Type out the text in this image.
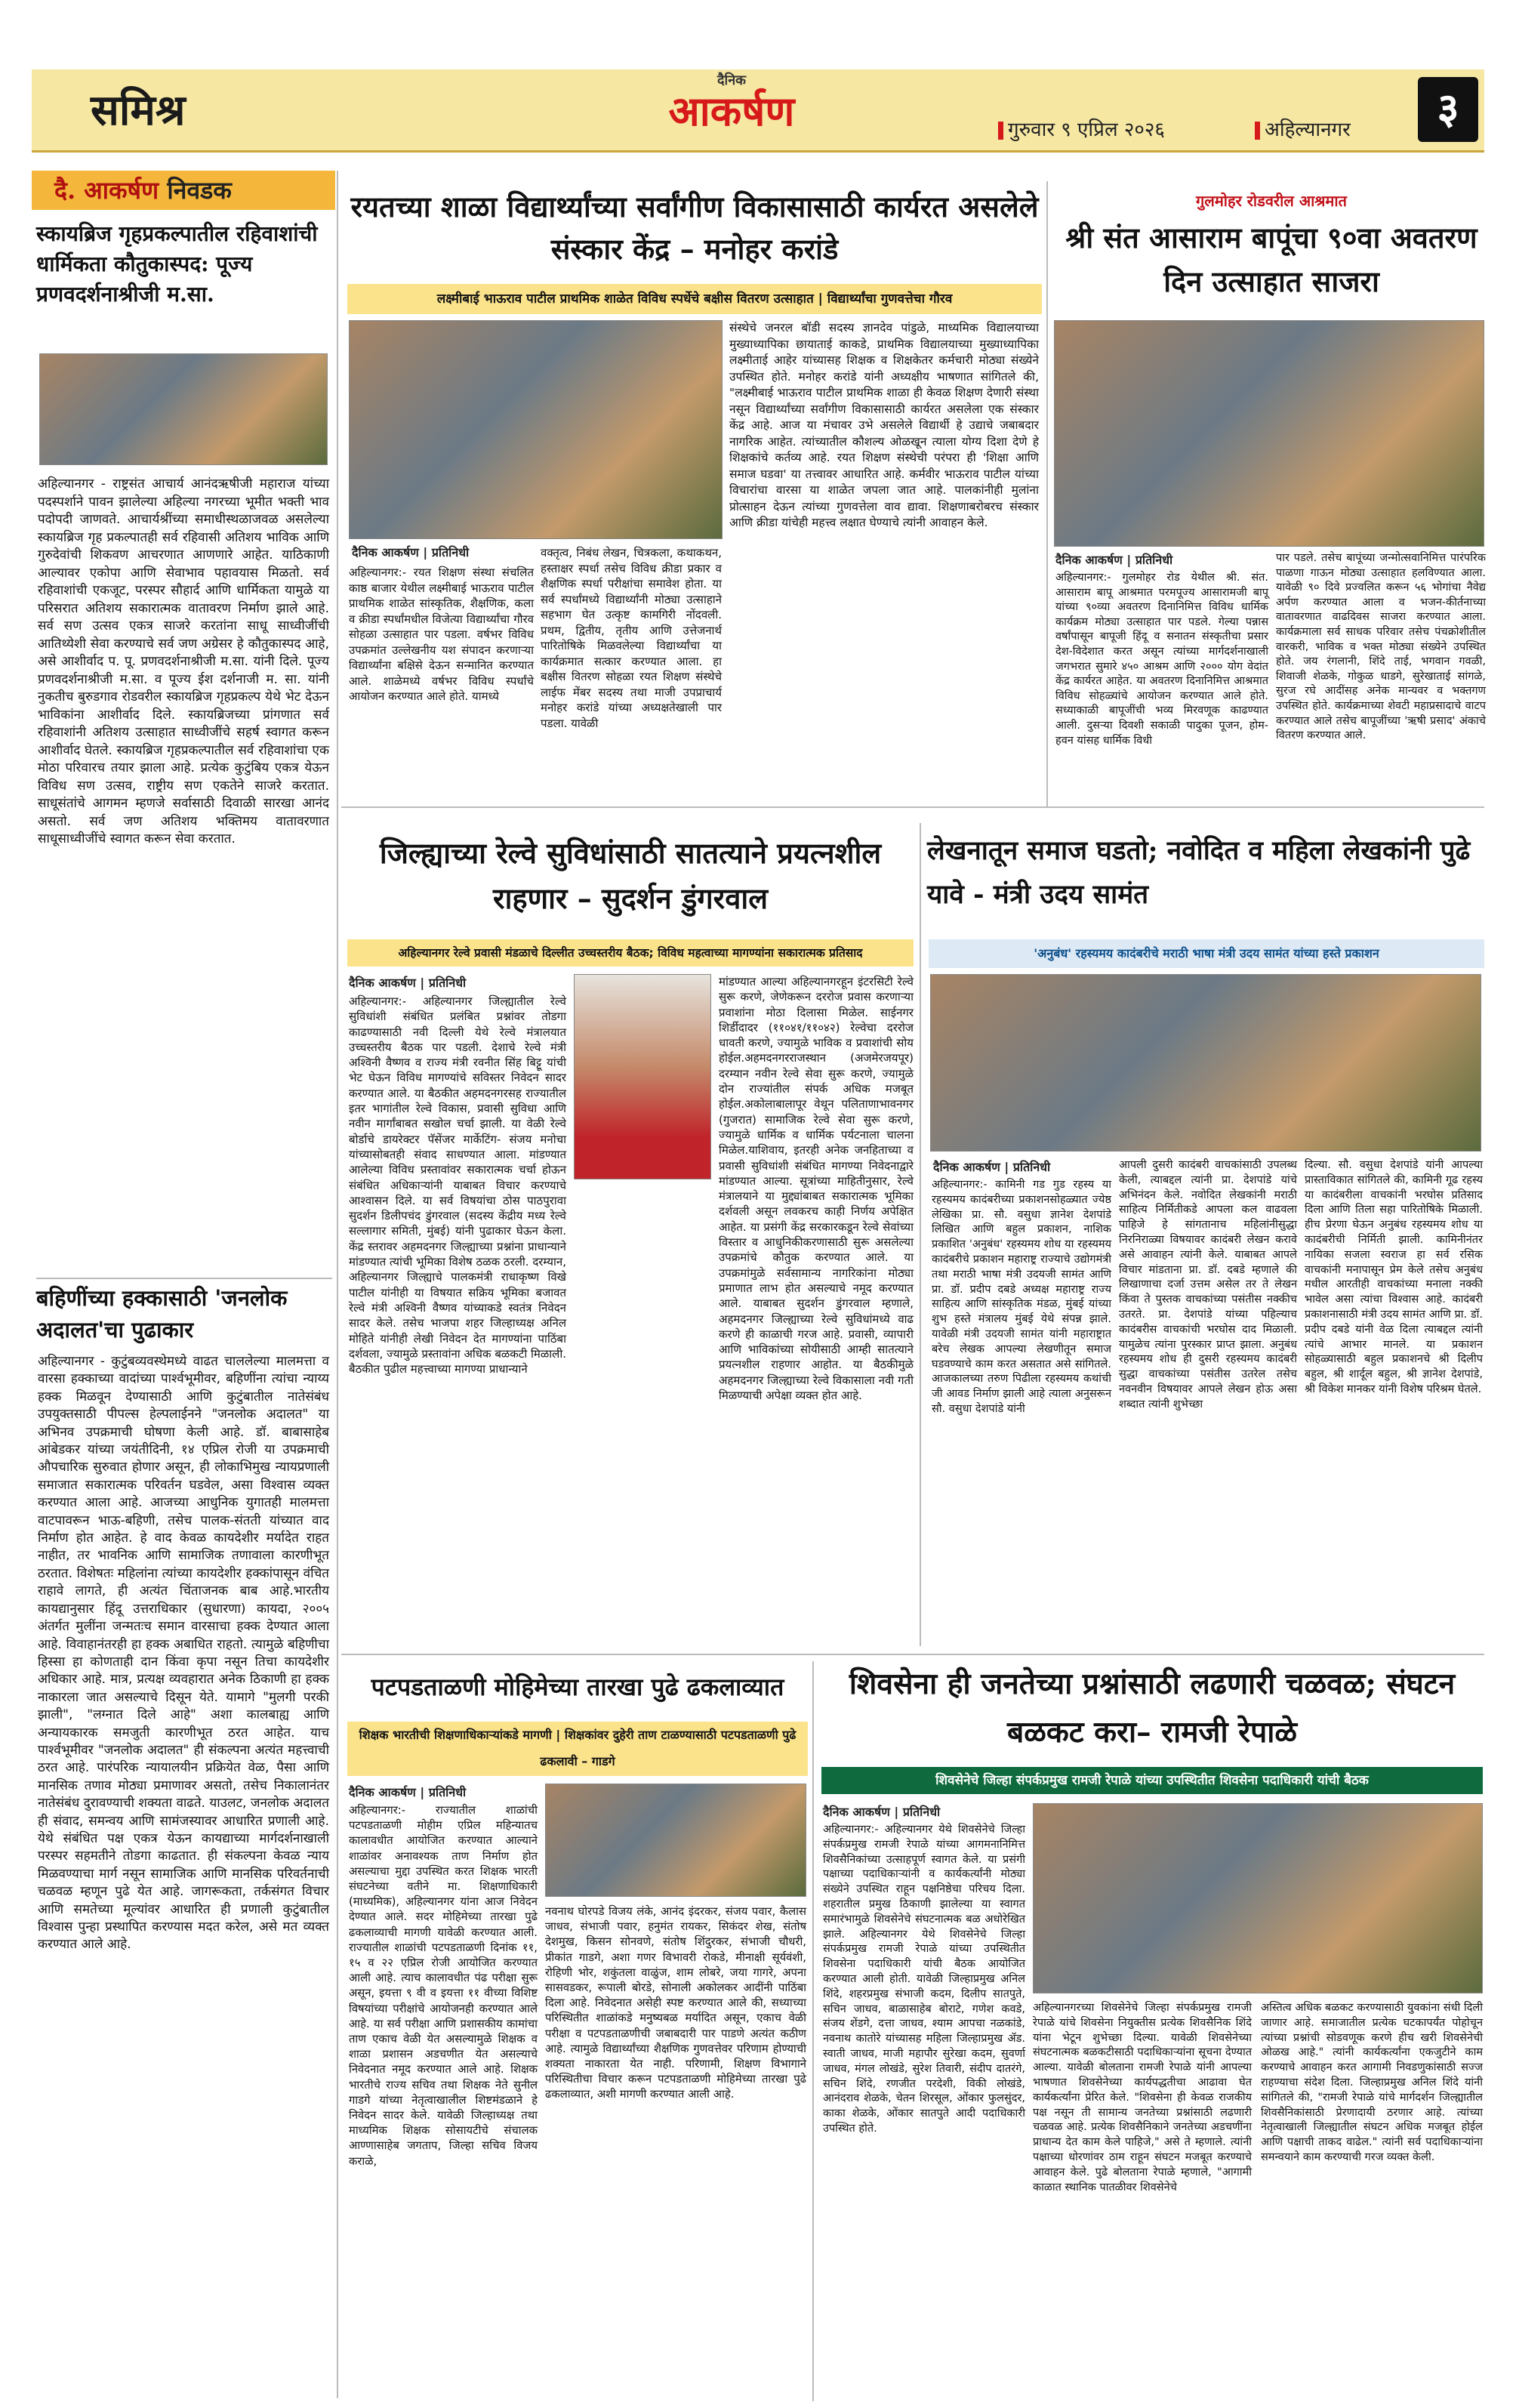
समिश्र
दैनिक
आकर्षण	गुरुवार ९ एप्रिल २०२६	अहिल्यानगर	३
दै. आकर्षण निवडक
स्कायब्रिज गृहप्रकल्पातील रहिवाशांची धार्मिकता कौतुकास्पद: पूज्य प्रणवदर्शनाश्रीजी म.सा.
अहिल्यानगर - राष्ट्रसंत आचार्य आनंदऋषीजी महाराज यांच्या पदस्पर्शाने पावन झालेल्या अहिल्या नगरच्या भूमीत भक्ती भाव पदोपदी जाणवते. आचार्यश्रींच्या समाधीस्थळाजवळ असलेल्या स्कायब्रिज गृह प्रकल्पातही सर्व रहिवासी अतिशय भाविक आणि गुरुदेवांची शिकवण आचरणात आणणारे आहेत. याठिकाणी आल्यावर एकोपा आणि सेवाभाव पहावयास मिळतो. सर्व रहिवाशांची एकजूट, परस्पर सौहार्द आणि धार्मिकता यामुळे या परिसरात अतिशय सकारात्मक वातावरण निर्माण झाले आहे. सर्व सण उत्सव एकत्र साजरे करतांना साधू साध्वीजींची आतिथ्येशी सेवा करण्याचे सर्व जण अग्रेसर हे कौतुकास्पद आहे, असे आशीर्वाद प. पू. प्रणवदर्शनाश्रीजी म.सा. यांनी दिले. पूज्य प्रणवदर्शनाश्रीजी म.सा. व पूज्य ईश दर्शनाजी म. सा. यांनी नुकतीच बुरुडगाव रोडवरील स्कायब्रिज गृहप्रकल्प येथे भेट देऊन भाविकांना आशीर्वाद दिले. स्कायब्रिजच्या प्रांगणात सर्व रहिवाशांनी अतिशय उत्साहात साध्वीजींचे सहर्ष स्वागत करून आशीर्वाद घेतले. स्कायब्रिज गृहप्रकल्पातील सर्व रहिवाशांचा एक मोठा परिवारच तयार झाला आहे. प्रत्येक कुटुंबिय एकत्र येऊन विविध सण उत्सव, राष्ट्रीय सण एकतेने साजरे करतात. साधूसंतांचे आगमन म्हणजे सर्वासाठी दिवाळी सारखा आनंद असतो. सर्व जण अतिशय भक्तिमय वातावरणात साधूसाध्वीजींचे स्वागत करून सेवा करतात.
बहिणींच्या हक्कासाठी 'जनलोक अदालत'चा पुढाकार
अहिल्यानगर - कुटुंबव्यवस्थेमध्ये वाढत चाललेल्या मालमत्ता व वारसा हक्काच्या वादांच्या पार्श्वभूमीवर, बहिणींना त्यांचा न्याय्य हक्क मिळवून देण्यासाठी आणि कुटुंबातील नातेसंबंध उपयुक्तसाठी पीपल्स हेल्पलाईनने "जनलोक अदालत" या अभिनव उपक्रमाची घोषणा केली आहे. डॉ. बाबासाहेब आंबेडकर यांच्या जयंतीदिनी, १४ एप्रिल रोजी या उपक्रमाची औपचारिक सुरुवात होणार असून, ही लोकाभिमुख न्यायप्रणाली समाजात सकारात्मक परिवर्तन घडवेल, असा विश्वास व्यक्त करण्यात आला आहे. आजच्या आधुनिक युगातही मालमत्ता वाटपावरून भाऊ-बहिणी, तसेच पालक-संतती यांच्यात वाद निर्माण होत आहेत. हे वाद केवळ कायदेशीर मर्यादेत राहत नाहीत, तर भावनिक आणि सामाजिक तणावाला कारणीभूत ठरतात. विशेषतः महिलांना त्यांच्या कायदेशीर हक्कांपासून वंचित राहावे लागते, ही अत्यंत चिंताजनक बाब आहे.भारतीय कायद्यानुसार हिंदू उत्तराधिकार (सुधारणा) कायदा, २००५ अंतर्गत मुलींना जन्मतःच समान वारसाचा हक्क देण्यात आला आहे. विवाहानंतरही हा हक्क अबाधित राहतो. त्यामुळे बहिणीचा हिस्सा हा कोणताही दान किंवा कृपा नसून तिचा कायदेशीर अधिकार आहे. मात्र, प्रत्यक्ष व्यवहारात अनेक ठिकाणी हा हक्क नाकारला जात असल्याचे दिसून येते. यामागे "मुलगी परकी झाली", "लग्नात दिले आहे" अशा कालबाह्य आणि अन्यायकारक समजुती कारणीभूत ठरत आहेत. याच पार्श्वभूमीवर "जनलोक अदालत" ही संकल्पना अत्यंत महत्त्वाची ठरत आहे. पारंपरिक न्यायालयीन प्रक्रियेत वेळ, पैसा आणि मानसिक तणाव मोठ्या प्रमाणावर असतो, तसेच निकालानंतर नातेसंबंध दुरावण्याची शक्यता वाढते. याउलट, जनलोक अदालत ही संवाद, समन्वय आणि सामंजस्यावर आधारित प्रणाली आहे. येथे संबंधित पक्ष एकत्र येऊन कायद्याच्या मार्गदर्शनाखाली परस्पर सहमतीने तोडगा काढतात. ही संकल्पना केवळ न्याय मिळवण्याचा मार्ग नसून सामाजिक आणि मानसिक परिवर्तनाची चळवळ म्हणून पुढे येत आहे. जागरूकता, तर्कसंगत विचार आणि समतेच्या मूल्यांवर आधारित ही प्रणाली कुटुंबातील विश्वास पुन्हा प्रस्थापित करण्यास मदत करेल, असे मत व्यक्त करण्यात आले आहे.
रयतच्या शाळा विद्यार्थ्यांच्या सर्वांगीण विकासासाठी कार्यरत असलेले संस्कार केंद्र – मनोहर करांडे
लक्ष्मीबाई भाऊराव पाटील प्राथमिक शाळेत विविध स्पर्धेचे बक्षीस वितरण उत्साहात | विद्यार्थ्यांचा गुणवत्तेचा गौरव
दैनिक आकर्षण | प्रतिनिधी
अहिल्यानगर:- रयत शिक्षण संस्था संचलित काष्ठ बाजार येथील लक्ष्मीबाई भाऊराव पाटील प्राथमिक शाळेत सांस्कृतिक, शैक्षणिक, कला व क्रीडा स्पर्धांमधील विजेत्या विद्यार्थ्यांचा गौरव सोहळा उत्साहात पार पडला. वर्षभर विविध उपक्रमांत उल्लेखनीय यश संपादन करणाऱ्या विद्यार्थ्यांना बक्षिसे देऊन सन्मानित करण्यात आले. शाळेमध्ये वर्षभर विविध स्पर्धांचे आयोजन करण्यात आले होते. यामध्ये
वक्तृत्व, निबंध लेखन, चित्रकला, कथाकथन, हस्ताक्षर स्पर्धा तसेच विविध क्रीडा प्रकार व शैक्षणिक स्पर्धा परीक्षांचा समावेश होता. या सर्व स्पर्धांमध्ये विद्यार्थ्यांनी मोठ्या उत्साहाने सहभाग घेत उत्कृष्ट कामगिरी नोंदवली. प्रथम, द्वितीय, तृतीय आणि उत्तेजनार्थ पारितोषिके मिळवलेल्या विद्यार्थ्यांचा या कार्यक्रमात सत्कार करण्यात आला. हा बक्षीस वितरण सोहळा रयत शिक्षण संस्थेचे लाईफ मेंबर सदस्य तथा माजी उपप्राचार्य मनोहर करांडे यांच्या अध्यक्षतेखाली पार पडला. यावेळी
संस्थेचे जनरल बॉडी सदस्य ज्ञानदेव पांडुळे, माध्यमिक विद्यालयाच्या मुख्याध्यापिका छायाताई काकडे, प्राथमिक विद्यालयाच्या मुख्याध्यापिका लक्ष्मीताई आहेर यांच्यासह शिक्षक व शिक्षकेतर कर्मचारी मोठ्या संख्येने उपस्थित होते. मनोहर करांडे यांनी अध्यक्षीय भाषणात सांगितले की, "लक्ष्मीबाई भाऊराव पाटील प्राथमिक शाळा ही केवळ शिक्षण देणारी संस्था नसून विद्यार्थ्यांच्या सर्वांगीण विकासासाठी कार्यरत असलेला एक संस्कार केंद्र आहे. आज या मंचावर उभे असलेले विद्यार्थी हे उद्याचे जबाबदार नागरिक आहेत. त्यांच्यातील कौशल्य ओळखून त्याला योग्य दिशा देणे हे शिक्षकांचे कर्तव्य आहे. रयत शिक्षण संस्थेची परंपरा ही 'शिक्षा आणि समाज घडवा' या तत्त्वावर आधारित आहे. कर्मवीर भाऊराव पाटील यांच्या विचारांचा वारसा या शाळेत जपला जात आहे. पालकांनीही मुलांना प्रोत्साहन देऊन त्यांच्या गुणवत्तेला वाव द्यावा. शिक्षणाबरोबरच संस्कार आणि क्रीडा यांचेही महत्त्व लक्षात घेण्याचे त्यांनी आवाहन केले.
गुलमोहर रोडवरील आश्रमात
श्री संत आसाराम बापूंचा ९०वा अवतरण दिन उत्साहात साजरा
दैनिक आकर्षण | प्रतिनिधी
अहिल्यानगर:- गुलमोहर रोड येथील श्री. संत. आसाराम बापू आश्रमात परमपूज्य आसारामजी बापू यांच्या ९०व्या अवतरण दिनानिमित्त विविध धार्मिक कार्यक्रम मोठ्या उत्साहात पार पडले. गेल्या पन्नास वर्षांपासून बापूजी हिंदू व सनातन संस्कृतीचा प्रसार देश-विदेशात करत असून त्यांच्या मार्गदर्शनाखाली जगभरात सुमारे ४५० आश्रम आणि २००० योग वेदांत केंद्र कार्यरत आहेत. या अवतरण दिनानिमित्त आश्रमात विविध सोहळ्यांचे आयोजन करण्यात आले होते. सध्याकाळी बापूजींची भव्य मिरवणूक काढण्यात आली. दुसऱ्या दिवशी सकाळी पादुका पूजन, होम-हवन यांसह धार्मिक विधी
पार पडले. तसेच बापूंच्या जन्मोत्सवानिमित्त पारंपरिक पाळणा गाऊन मोठ्या उत्साहात हलविण्यात आला. यावेळी ९० दिवे प्रज्वलित करून ५६ भोगांचा नैवेद्य अर्पण करण्यात आला व भजन-कीर्तनाच्या वातावरणात वाढदिवस साजरा करण्यात आला. कार्यक्रमाला सर्व साधक परिवार तसेच पंचक्रोशीतील वारकरी, भाविक व भक्त मोठ्या संख्येने उपस्थित होते. जय रंगलानी, शिंदे ताई, भगवान गवळी, शिवाजी शेळके, गोकुळ धाडगे, सुरेखाताई सांगळे, सुरज रघे आदींसह अनेक मान्यवर व भक्तगण उपस्थित होते. कार्यक्रमाच्या शेवटी महाप्रसादाचे वाटप करण्यात आले तसेच बापूजींच्या 'ऋषी प्रसाद' अंकाचे वितरण करण्यात आले.
जिल्ह्याच्या रेल्वे सुविधांसाठी सातत्याने प्रयत्नशील राहणार – सुदर्शन डुंगरवाल
अहिल्यानगर रेल्वे प्रवासी मंडळाचे दिल्लीत उच्चस्तरीय बैठक; विविध महत्वाच्या मागण्यांना सकारात्मक प्रतिसाद
दैनिक आकर्षण | प्रतिनिधी
अहिल्यानगर:- अहिल्यानगर जिल्ह्यातील रेल्वे सुविधांशी संबंधित प्रलंबित प्रश्नांवर तोडगा काढण्यासाठी नवी दिल्ली येथे रेल्वे मंत्रालयात उच्चस्तरीय बैठक पार पडली. देशाचे रेल्वे मंत्री अश्विनी वैष्णव व राज्य मंत्री रवनीत सिंह बिट्टू यांची भेट घेऊन विविध मागण्यांचे सविस्तर निवेदन सादर करण्यात आले. या बैठकीत अहमदनगरसह राज्यातील इतर भागांतील रेल्वे विकास, प्रवासी सुविधा आणि नवीन मार्गांबाबत सखोल चर्चा झाली. या वेळी रेल्वे बोर्डाचे डायरेक्टर पॅसेंजर मार्केटिंग- संजय मनोचा यांच्यासोबतही संवाद साधण्यात आला. मांडण्यात आलेल्या विविध प्रस्तावांवर सकारात्मक चर्चा होऊन संबंधित अधिकाऱ्यांनी याबाबत विचार करण्याचे आश्वासन दिले. या सर्व विषयांचा ठोस पाठपुरावा सुदर्शन डिलीपचंद डुंगरवाल (सदस्य केंद्रीय मध्य रेल्वे सल्लागार समिती, मुंबई) यांनी पुढाकार घेऊन केला. केंद्र स्तरावर अहमदनगर जिल्ह्याच्या प्रश्नांना प्राधान्याने मांडण्यात त्यांची भूमिका विशेष ठळक ठरली. दरम्यान, अहिल्यानगर जिल्ह्याचे पालकमंत्री राधाकृष्ण विखे पाटील यांनीही या विषयात सक्रिय भूमिका बजावत रेल्वे मंत्री अश्विनी वैष्णव यांच्याकडे स्वतंत्र निवेदन सादर केले. तसेच भाजपा शहर जिल्हाध्यक्ष अनिल मोहिते यांनीही लेखी निवेदन देत मागण्यांना पाठिंबा दर्शवला, ज्यामुळे प्रस्तावांना अधिक बळकटी मिळाली. बैठकीत पुढील महत्त्वाच्या मागण्या प्राधान्याने
मांडण्यात आल्या अहिल्यानगरहून इंटरसिटी रेल्वे सुरू करणे, जेणेकरून दररोज प्रवास करणाऱ्या प्रवाशांना मोठा दिलासा मिळेल. साईनगर शिर्डीदादर (११०४१/११०४२) रेल्वेचा दररोज धावती करणे, ज्यामुळे भाविक व प्रवाशांची सोय होईल.अहमदनगरराजस्थान (अजमेरजयपूर) दरम्यान नवीन रेल्वे सेवा सुरू करणे, ज्यामुळे दोन राज्यांतील संपर्क अधिक मजबूत होईल.अकोलाबालापूर वेथून पलिताणाभावनगर (गुजरात) सामाजिक रेल्वे सेवा सुरू करणे, ज्यामुळे धार्मिक व धार्मिक पर्यटनाला चालना मिळेल.याशिवाय, इतरही अनेक जनहिताच्या व प्रवासी सुविधांशी संबंधित मागण्या निवेदनाद्वारे मांडण्यात आल्या. सूत्रांच्या माहितीनुसार, रेल्वे मंत्रालयाने या मुद्द्यांबाबत सकारात्मक भूमिका दर्शवली असून लवकरच काही निर्णय अपेक्षित आहेत. या प्रसंगी केंद्र सरकारकडून रेल्वे सेवांच्या विस्तार व आधुनिकीकरणासाठी सुरू असलेल्या उपक्रमांचे कौतुक करण्यात आले. या उपक्रमांमुळे सर्वसामान्य नागरिकांना मोठ्या प्रमाणात लाभ होत असल्याचे नमूद करण्यात आले. याबाबत सुदर्शन डुंगरवाल म्हणाले, अहमदनगर जिल्ह्याच्या रेल्वे सुविधांमध्ये वाढ करणे ही काळाची गरज आहे. प्रवासी, व्यापारी आणि भाविकांच्या सोयीसाठी आम्ही सातत्याने प्रयत्नशील राहणार आहोत. या बैठकीमुळे अहमदनगर जिल्ह्याच्या रेल्वे विकासाला नवी गती मिळण्याची अपेक्षा व्यक्त होत आहे.
लेखनातून समाज घडतो; नवोदित व महिला लेखकांनी पुढे यावे - मंत्री उदय सामंत
'अनुबंध' रहस्यमय कादंबरीचे मराठी भाषा मंत्री उदय सामंत यांच्या हस्ते प्रकाशन
दैनिक आकर्षण | प्रतिनिधी
अहिल्यानगर:- कामिनी गड गुड रहस्य या रहस्यमय कादंबरीच्या प्रकाशनसोहळ्यात ज्येष्ठ लेखिका प्रा. सौ. वसुधा ज्ञानेश देशपांडे लिखित आणि बहुल प्रकाशन, नाशिक प्रकाशित 'अनुबंध' रहस्यमय शोध या रहस्यमय कादंबरीचे प्रकाशन महाराष्ट्र राज्याचे उद्योगमंत्री तथा मराठी भाषा मंत्री उदयजी सामंत आणि प्रा. डॉ. प्रदीप दबडे अध्यक्ष महाराष्ट्र राज्य साहित्य आणि सांस्कृतिक मंडळ, मुंबई यांच्या शुभ हस्ते मंत्रालय मुंबई येथे संपन्न झाले. यावेळी मंत्री उदयजी सामंत यांनी महाराष्ट्रात बरेच लेखक आपल्या लेखणीतून समाज घडवण्याचे काम करत असतात असे सांगितले. आजकालच्या तरुण पिढीला रहस्यमय कथांची जी आवड निर्माण झाली आहे त्याला अनुसरून सौ. वसुधा देशपांडे यांनी
आपली दुसरी कादंबरी वाचकांसाठी उपलब्ध केली, त्याबद्दल त्यांनी प्रा. देशपांडे यांचे अभिनंदन केले. नवोदित लेखकांनी मराठी साहित्य निर्मितीकडे आपला कल वाढवला पाहिजे हे सांगतानाच महिलांनीसुद्धा निरनिराळ्या विषयावर कादंबरी लेखन करावे असे आवाहन त्यांनी केले. याबाबत आपले विचार मांडताना प्रा. डॉ. दबडे म्हणाले की लिखाणाचा दर्जा उत्तम असेल तर ते लेखन किंवा ते पुस्तक वाचकांच्या पसंतीस नक्कीच उतरते. प्रा. देशपांडे यांच्या पहिल्याच कादंबरीस वाचकांची भरघोस दाद मिळाली. यामुळेच त्यांना पुरस्कार प्राप्त झाला. अनुबंध रहस्यमय शोध ही दुसरी रहस्यमय कादंबरी सुद्धा वाचकांच्या पसंतीस उतरेल तसेच नवनवीन विषयावर आपले लेखन होऊ असा शब्दात त्यांनी शुभेच्छा
दिल्या. सौ. वसुधा देशपांडे यांनी आपल्या प्रास्ताविकात सांगितले की, कामिनी गूढ रहस्य या कादंबरीला वाचकांनी भरघोस प्रतिसाद दिला आणि तिला सहा पारितोषिके मिळाली. हीच प्रेरणा घेऊन अनुबंध रहस्यमय शोध या कादंबरीची निर्मिती झाली. कामिनीनंतर नायिका सजला स्वराज हा सर्व रसिक वाचकांनी मनापासून प्रेम केले तसेच अनुबंध मधील आरतीही वाचकांच्या मनाला नक्की भावेल असा त्यांचा विश्वास आहे. कादंबरी प्रकाशनासाठी मंत्री उदय सामंत आणि प्रा. डॉ. प्रदीप दबडे यांनी वेळ दिला त्याबद्दल त्यांनी त्यांचे आभार मानले. या प्रकाशन सोहळ्यासाठी बहुल प्रकाशनचे श्री दिलीप बहुल, श्री शार्दूल बहुल, श्री ज्ञानेश देशपांडे, श्री विकेश मानकर यांनी विशेष परिश्रम घेतले.
पटपडताळणी मोहिमेच्या तारखा पुढे ढकलाव्यात
शिक्षक भारतीची शिक्षणाधिकाऱ्यांकडे मागणी | शिक्षकांवर दुहेरी ताण टाळण्यासाठी पटपडताळणी पुढे ढकलावी – गाडगे
दैनिक आकर्षण | प्रतिनिधी
अहिल्यानगर:- राज्यातील शाळांची पटपडताळणी मोहीम एप्रिल महिन्यातच कालावधीत आयोजित करण्यात आल्याने शाळांवर अनावश्यक ताण निर्माण होत असल्याचा मुद्दा उपस्थित करत शिक्षक भारती संघटनेच्या वतीने मा. शिक्षणाधिकारी (माध्यमिक), अहिल्यानगर यांना आज निवेदन देण्यात आले. सदर मोहिमेच्या तारखा पुढे ढकलाव्याची मागणी यावेळी करण्यात आली. राज्यातील शाळांची पटपडताळणी दिनांक ११, १५ व २२ एप्रिल रोजी आयोजित करण्यात आली आहे. त्याच कालावधीत पंढ परीक्षा सुरू असून, इयत्ता ९ वी व इयत्ता ११ वीच्या विशिष्ट विषयांच्या परीक्षांचे आयोजनही करण्यात आले आहे. या सर्व परीक्षा आणि प्रशासकीय कामांचा ताण एकाच वेळी येत असल्यामुळे शिक्षक व शाळा प्रशासन अडचणीत येत असल्याचे निवेदनात नमूद करण्यात आले आहे. शिक्षक भारतीचे राज्य सचिव तथा शिक्षक नेते सुनील गाडगे यांच्या नेतृत्वाखालील शिष्टमंडळाने हे निवेदन सादर केले. यावेळी जिल्हाध्यक्ष तथा माध्यमिक शिक्षक सोसायटीचे संचालक आण्णासाहेब जगताप, जिल्हा सचिव विजय कराळे,
नवनाथ घोरपडे विजय लंके, आनंद इंदरकर, संजय पवार, कैलास जाधव, संभाजी पवार, हनुमंत रायकर, सिकंदर शेख, संतोष देशमुख, किसन सोनवणे, संतोष शिंदुरकर, संभाजी चौधरी, प्रीकांत गाडगे, अशा गणर विभावरी रोकडे, मीनाक्षी सूर्यवंशी, रोहिणी भोर, शकुंतला वाळुंज, शाम लोबरे, जया गागरे, अपना सासवडकर, रूपाली बोरडे, सोनाली अकोलकर आदींनी पाठिंबा दिला आहे. निवेदनात असेही स्पष्ट करण्यात आले की, सध्याच्या परिस्थितीत शाळांकडे मनुष्यबळ मर्यादित असून, एकाच वेळी परीक्षा व पटपडताळणीची जबाबदारी पार पाडणे अत्यंत कठीण आहे. त्यामुळे विद्यार्थ्यांच्या शैक्षणिक गुणवत्तेवर परिणाम होण्याची शक्यता नाकारता येत नाही. परिणामी, शिक्षण विभागाने परिस्थितीचा विचार करून पटपडताळणी मोहिमेच्या तारखा पुढे ढकलाव्यात, अशी मागणी करण्यात आली आहे.
शिवसेना ही जनतेच्या प्रश्नांसाठी लढणारी चळवळ; संघटन बळकट करा– रामजी रेपाळे
शिवसेनेचे जिल्हा संपर्कप्रमुख रामजी रेपाळे यांच्या उपस्थितीत शिवसेना पदाधिकारी यांची बैठक
दैनिक आकर्षण | प्रतिनिधी
अहिल्यानगर:- अहिल्यानगर येथे शिवसेनेचे जिल्हा संपर्कप्रमुख रामजी रेपाळे यांच्या आगमनानिमित्त शिवसैनिकांच्या उत्साहपूर्ण स्वागत केले. या प्रसंगी पक्षाच्या पदाधिकाऱ्यांनी व कार्यकर्त्यांनी मोठ्या संख्येने उपस्थित राहून पक्षनिष्ठेचा परिचय दिला. शहरातील प्रमुख ठिकाणी झालेल्या या स्वागत समारंभामुळे शिवसेनेचे संघटनात्मक बळ अधोरेखित झाले. अहिल्यानगर येथे शिवसेनेचे जिल्हा संपर्कप्रमुख रामजी रेपाळे यांच्या उपस्थितीत शिवसेना पदाधिकारी यांची बैठक आयोजित करण्यात आली होती. यावेळी जिल्हाप्रमुख अनिल शिंदे, शहरप्रमुख संभाजी कदम, दिलीप सातपुते, सचिन जाधव, बाळासाहेब बोराटे, गणेश कवडे, संजय शेंडगे, दत्ता जाधव, श्याम आपचा नळकांडे, नवनाथ कातोरे यांच्यासह महिला जिल्हाप्रमुख ॲड. स्वाती जाधव, माजी महापौर सुरेखा कदम, सुवर्णा जाधव, मंगल लोखंडे, सुरेश तिवारी, संदीप दातरंगे, सचिन शिंदे, रणजीत परदेशी, विकी लोखंडे, आनंदराव शेळके, चेतन शिरसूल, ओंकार फुलसुंदर, काका शेळके, ओंकार सातपुते आदी पदाधिकारी उपस्थित होते.
अहिल्यानगरच्या शिवसेनेचे जिल्हा संपर्कप्रमुख रामजी रेपाळे यांचे शिवसेना नियुक्तीस प्रत्येक शिवसैनिक शिंदे यांना भेटून शुभेच्छा दिल्या. यावेळी शिवसेनेच्या संघटनात्मक बळकटीसाठी पदाधिकाऱ्यांना सूचना देण्यात आल्या. यावेळी बोलताना रामजी रेपाळे यांनी आपल्या भाषणात शिवसेनेच्या कार्यपद्धतीचा आढावा घेत कार्यकर्त्यांना प्रेरित केले. "शिवसेना ही केवळ राजकीय पक्ष नसून ती सामान्य जनतेच्या प्रश्नांसाठी लढणारी चळवळ आहे. प्रत्येक शिवसैनिकाने जनतेच्या अडचणींना प्राधान्य देत काम केले पाहिजे," असे ते म्हणाले. त्यांनी पक्षाच्या धोरणांवर ठाम राहून संघटन मजबूत करण्याचे आवाहन केले. पुढे बोलताना रेपाळे म्हणाले, "आगामी काळात स्थानिक पातळीवर शिवसेनेचे
अस्तित्व अधिक बळकट करण्यासाठी युवकांना संधी दिली जाणार आहे. समाजातील प्रत्येक घटकापर्यंत पोहोचून त्यांच्या प्रश्नांची सोडवणूक करणे हीच खरी शिवसेनेची ओळख आहे." त्यांनी कार्यकर्त्यांना एकजुटीने काम करण्याचे आवाहन करत आगामी निवडणुकांसाठी सज्ज राहण्याचा संदेश दिला. जिल्हाप्रमुख अनिल शिंदे यांनी सांगितले की, "रामजी रेपाळे यांचे मार्गदर्शन जिल्ह्यातील शिवसैनिकांसाठी प्रेरणादायी ठरणार आहे. त्यांच्या नेतृत्वाखाली जिल्ह्यातील संघटन अधिक मजबूत होईल आणि पक्षाची ताकद वाढेल." त्यांनी सर्व पदाधिकाऱ्यांना समन्वयाने काम करण्याची गरज व्यक्त केली.
